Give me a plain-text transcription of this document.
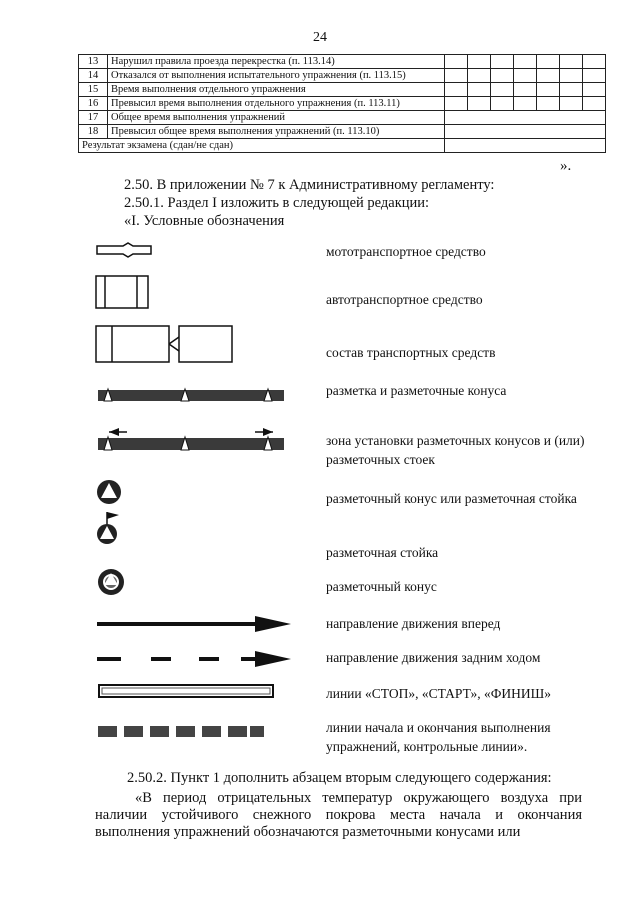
24
13	Нарушил правила проезда перекрестка (п. 113.14)							
14	Отказался от выполнения испытательного упражнения (п. 113.15)							
15	Время выполнения отдельного упражнения							
16	Превысил время выполнения отдельного упражнения (п. 113.11)							
17	Общее время выполнения упражнений							
18	Превысил общее время выполнения упражнений (п. 113.10)							
Результат экзамена (сдан/не сдан)								
».
2.50. В приложении № 7 к Административному регламенту:
2.50.1. Раздел I изложить в следующей редакции:
«I. Условные обозначения
мототранспортное средство
автотранспортное средство
состав транспортных средств
разметка и разметочные конуса
зона установки разметочных конусов и (или) разметочных стоек
разметочный конус или разметочная стойка
разметочная стойка
разметочный конус
направление движения вперед
направление движения задним ходом
линии «СТОП», «СТАРТ», «ФИНИШ»
линии начала и окончания выполнения упражнений, контрольные линии».
2.50.2. Пункт 1 дополнить абзацем вторым следующего содержания:
«В период отрицательных температур окружающего воздуха при наличии устойчивого снежного покрова места начала и окончания выполнения упражнений обозначаются разметочными конусами или
